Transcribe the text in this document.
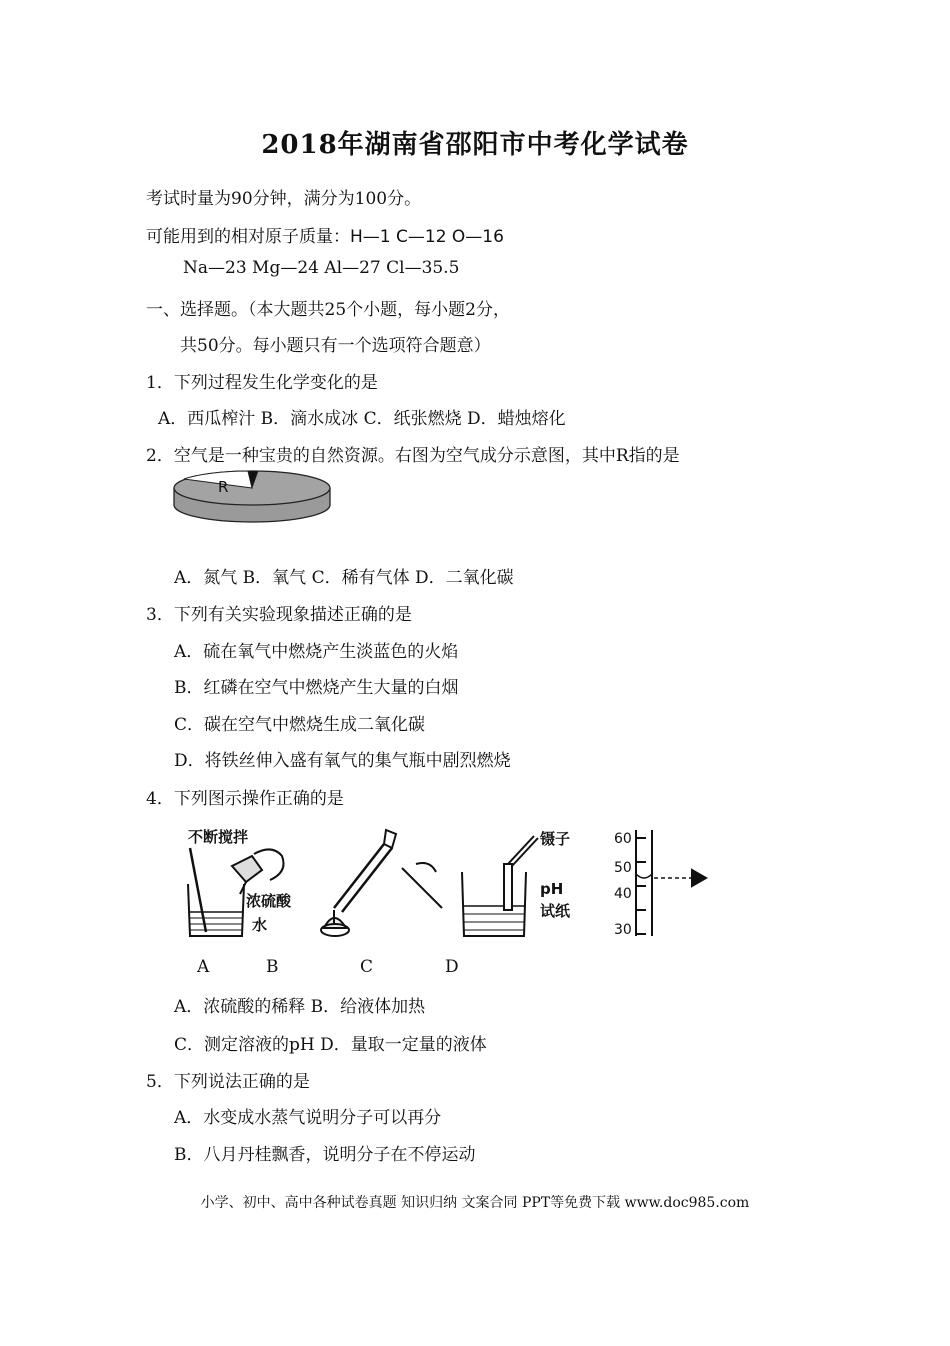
2018年湖南省邵阳市中考化学试卷
考试时量为90分钟，满分为100分。
可能用到的相对原子质量：H—1 C—12 O—16
Na—23 Mg—24 Al—27 Cl—35.5
一、选择题。（本大题共25个小题，每小题2分，
共50分。每小题只有一个选项符合题意）
1．下列过程发生化学变化的是
A．西瓜榨汁 B．滴水成冰 C．纸张燃烧 D．蜡烛熔化
2．空气是一种宝贵的自然资源。右图为空气成分示意图，其中R指的是
R
A．氮气 B．氧气 C．稀有气体 D．二氧化碳
3．下列有关实验现象描述正确的是
A．硫在氧气中燃烧产生淡蓝色的火焰
B．红磷在空气中燃烧产生大量的白烟
C．碳在空气中燃烧生成二氧化碳
D．将铁丝伸入盛有氧气的集气瓶中剧烈燃烧
4．下列图示操作正确的是
不断搅拌
浓硫酸
水
镊子
pH
试纸
60
50
40
30
A	B	C	D
A．浓硫酸的稀释 B．给液体加热
C．测定溶液的pH D．量取一定量的液体
5．下列说法正确的是
A．水变成水蒸气说明分子可以再分
B．八月丹桂飘香，说明分子在不停运动
小学、初中、高中各种试卷真题 知识归纳 文案合同 PPT等免费下载 www.doc985.com
